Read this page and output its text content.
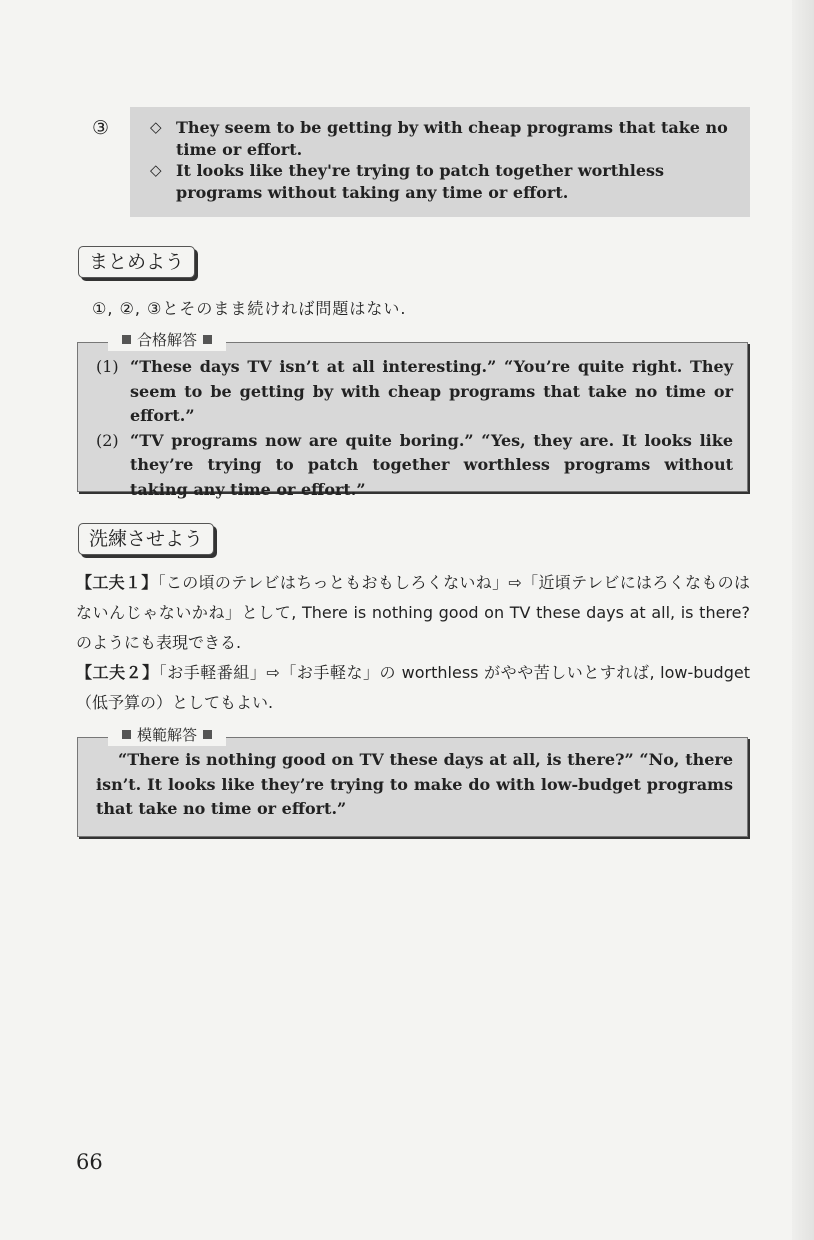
③	◇ They seem to be getting by with cheap programs that take no time or effort.
◇ It looks like they're trying to patch together worthless programs without taking any time or effort.
まとめよう
①, ②, ③とそのまま続ければ問題はない.
合格解答
(1) “These days TV isn’t at all interesting.” “You’re quite right. They seem to be getting by with cheap programs that take no time or effort.”
(2) “TV programs now are quite boring.” “Yes, they are. It looks like they’re trying to patch together worthless programs without taking any time or effort.”
洗練させよう

【工夫１】「この頃のテレビはちっともおもしろくないね」⇨「近頃テレビにはろくなものはないんじゃないかね」として, There is nothing good on TV these days at all, is there? のようにも表現できる.

【工夫２】「お手軽番組」⇨「お手軽な」の worthless がやや苦しいとすれば, low-budget（低予算の）としてもよい.

模範解答
“There is nothing good on TV these days at all, is there?” “No, there isn’t. It looks like they’re trying to make do with low-budget programs that take no time or effort.”
66
